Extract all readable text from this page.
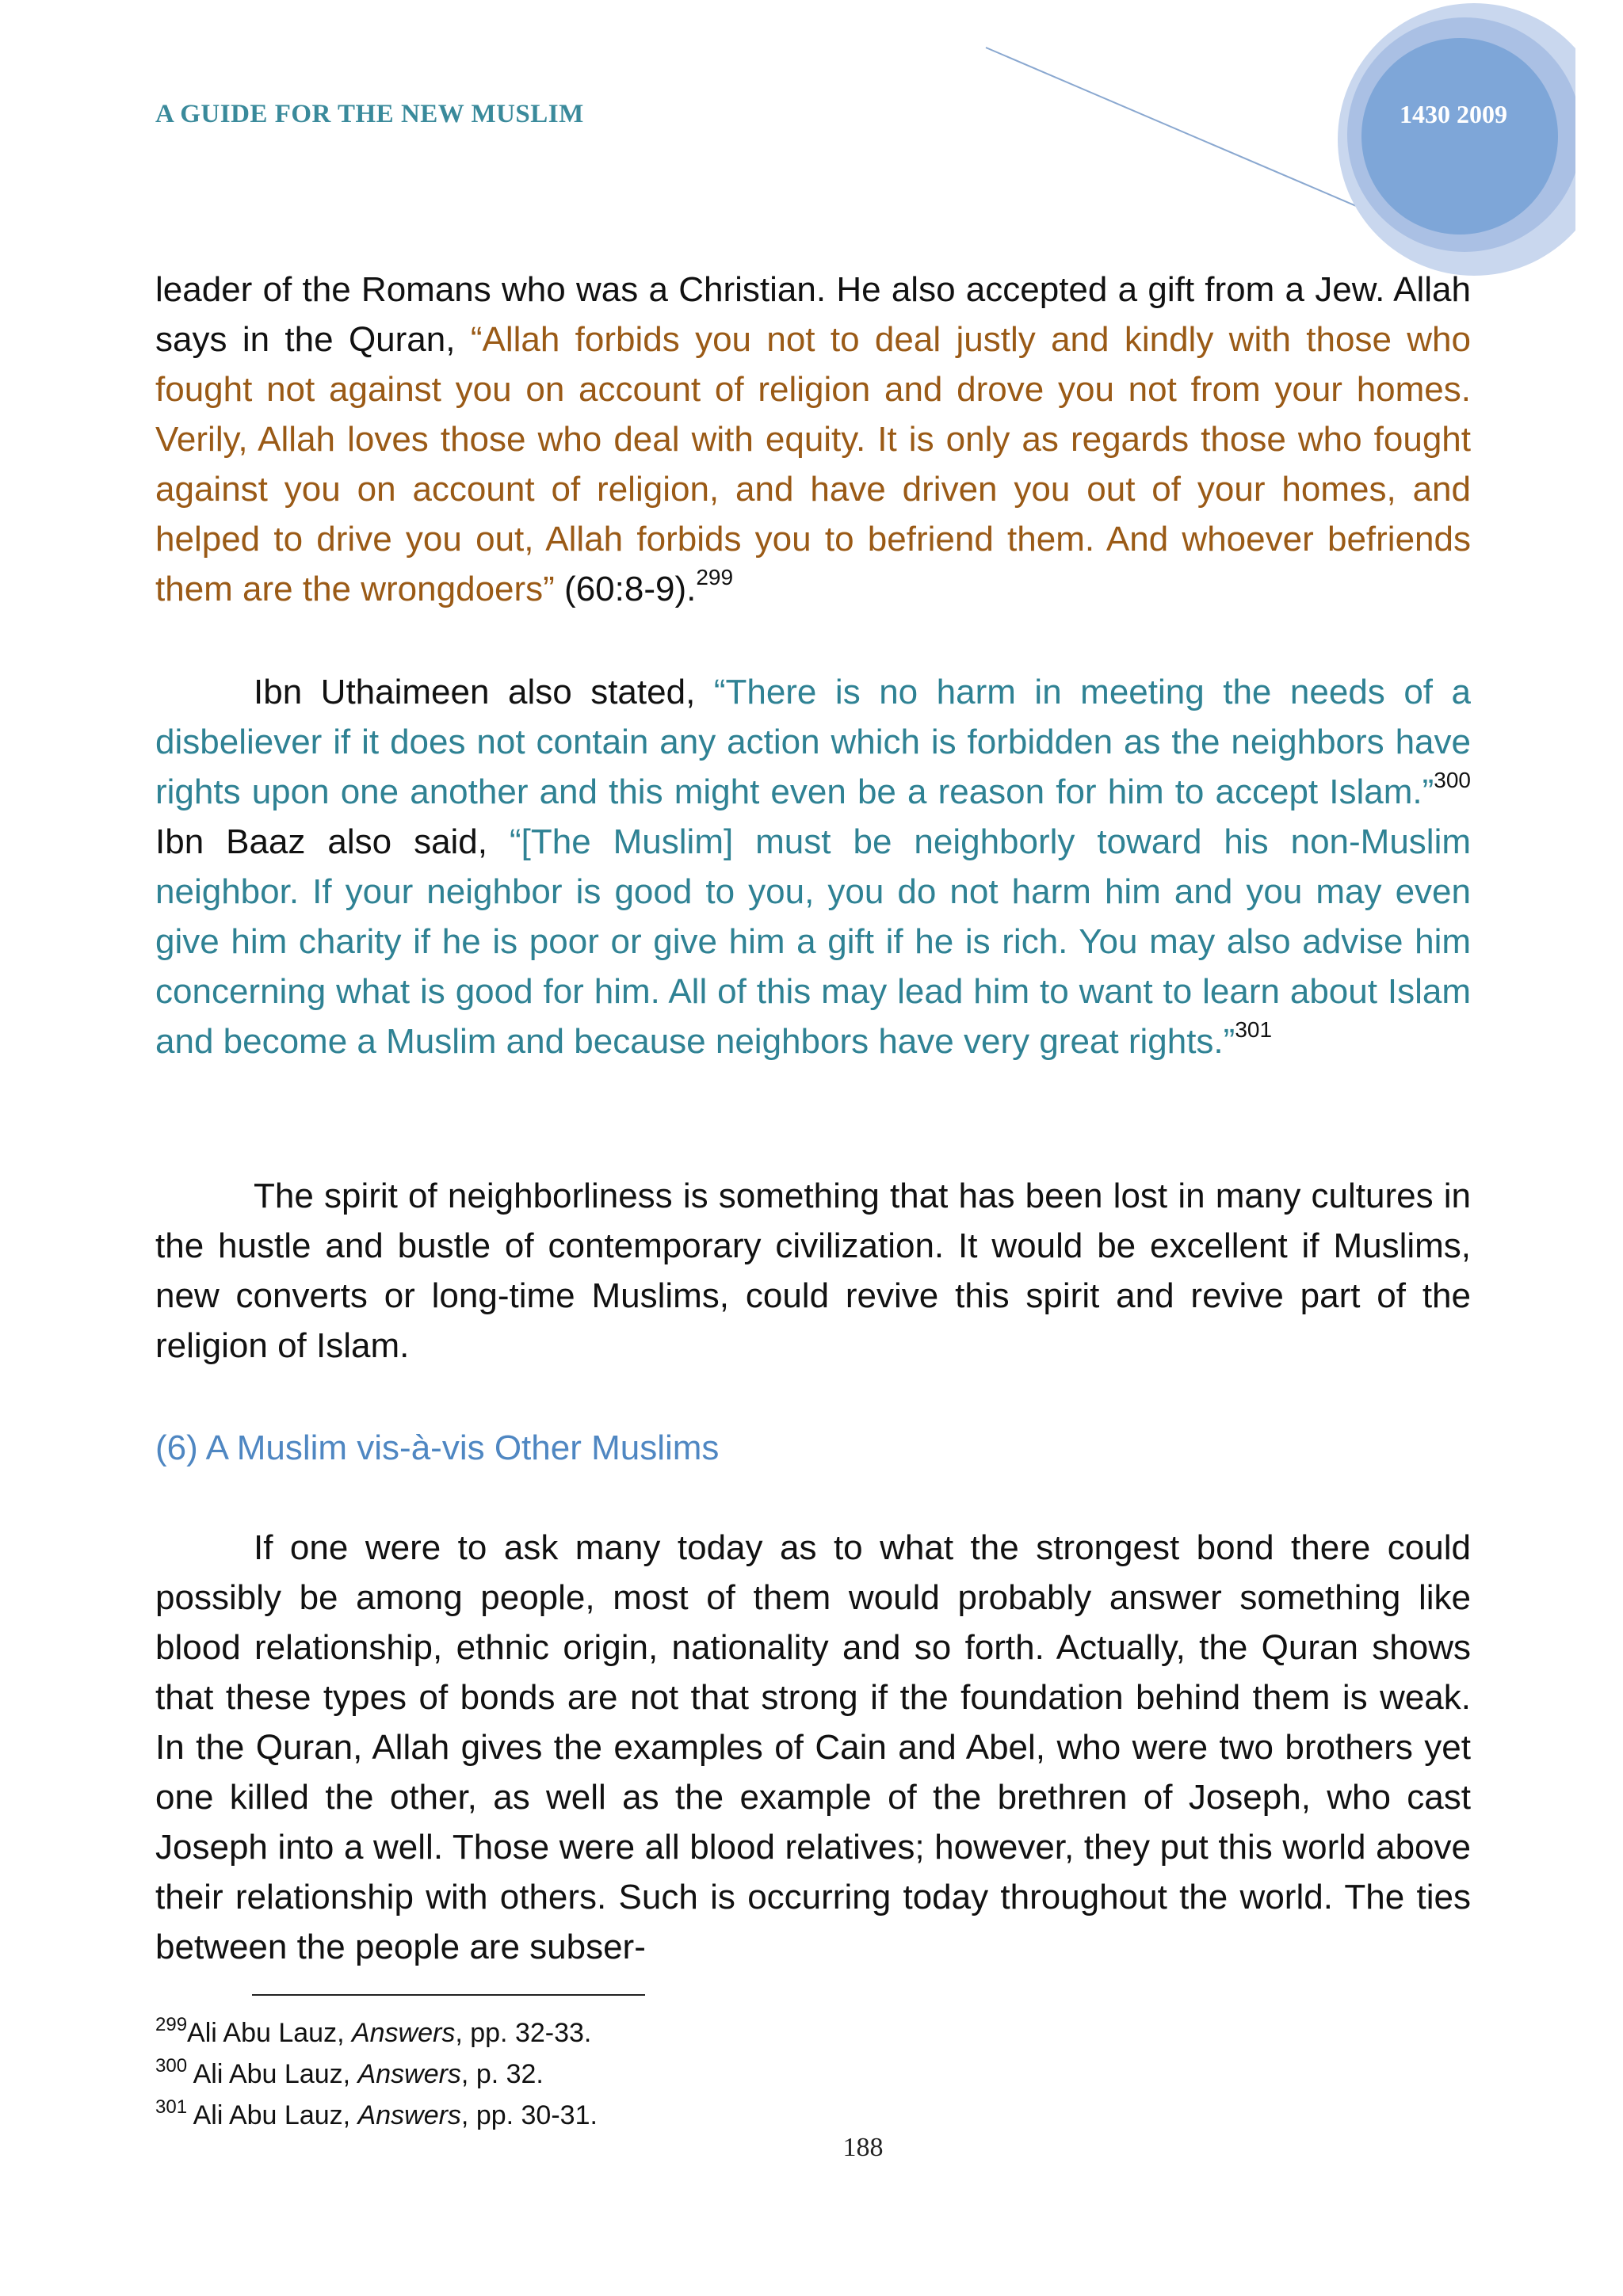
A GUIDE FOR THE NEW MUSLIM	1430 2009
leader of the Romans who was a Christian. He also accepted a gift from a Jew. Allah says in the Quran, “Allah forbids you not to deal justly and kindly with those who fought not against you on account of religion and drove you not from your homes. Verily, Allah loves those who deal with equity. It is only as regards those who fought against you on account of religion, and have driven you out of your homes, and helped to drive you out, Allah forbids you to befriend them. And whoever befriends them are the wrongdoers” (60:8-9).$^{299}$
Ibn Uthaimeen also stated, “There is no harm in meeting the needs of a disbeliever if it does not contain any action which is forbidden as the neighbors have rights upon one another and this might even be a reason for him to accept Islam.”$^{300}$ Ibn Baaz also said, “[The Muslim] must be neighborly toward his non-Muslim neighbor. If your neighbor is good to you, you do not harm him and you may even give him charity if he is poor or give him a gift if he is rich. You may also advise him concerning what is good for him. All of this may lead him to want to learn about Islam and become a Muslim and because neighbors have very great rights.”$^{301}$
The spirit of neighborliness is something that has been lost in many cultures in the hustle and bustle of contemporary civilization. It would be excellent if Muslims, new converts or long-time Muslims, could revive this spirit and revive part of the religion of Islam.
(6) A Muslim vis-à-vis Other Muslims
If one were to ask many today as to what the strongest bond there could possibly be among people, most of them would probably answer something like blood relationship, ethnic origin, nationality and so forth. Actually, the Quran shows that these types of bonds are not that strong if the foundation behind them is weak. In the Quran, Allah gives the examples of Cain and Abel, who were two brothers yet one killed the other, as well as the example of the brethren of Joseph, who cast Joseph into a well. Those were all blood relatives; however, they put this world above their relationship with others. Such is occurring today throughout the world. The ties between the people are subser-
$^{299}$Ali Abu Lauz, Answers, pp. 32-33.
$^{300}$ Ali Abu Lauz, Answers, p. 32.
$^{301}$ Ali Abu Lauz, Answers, pp. 30-31.
188
